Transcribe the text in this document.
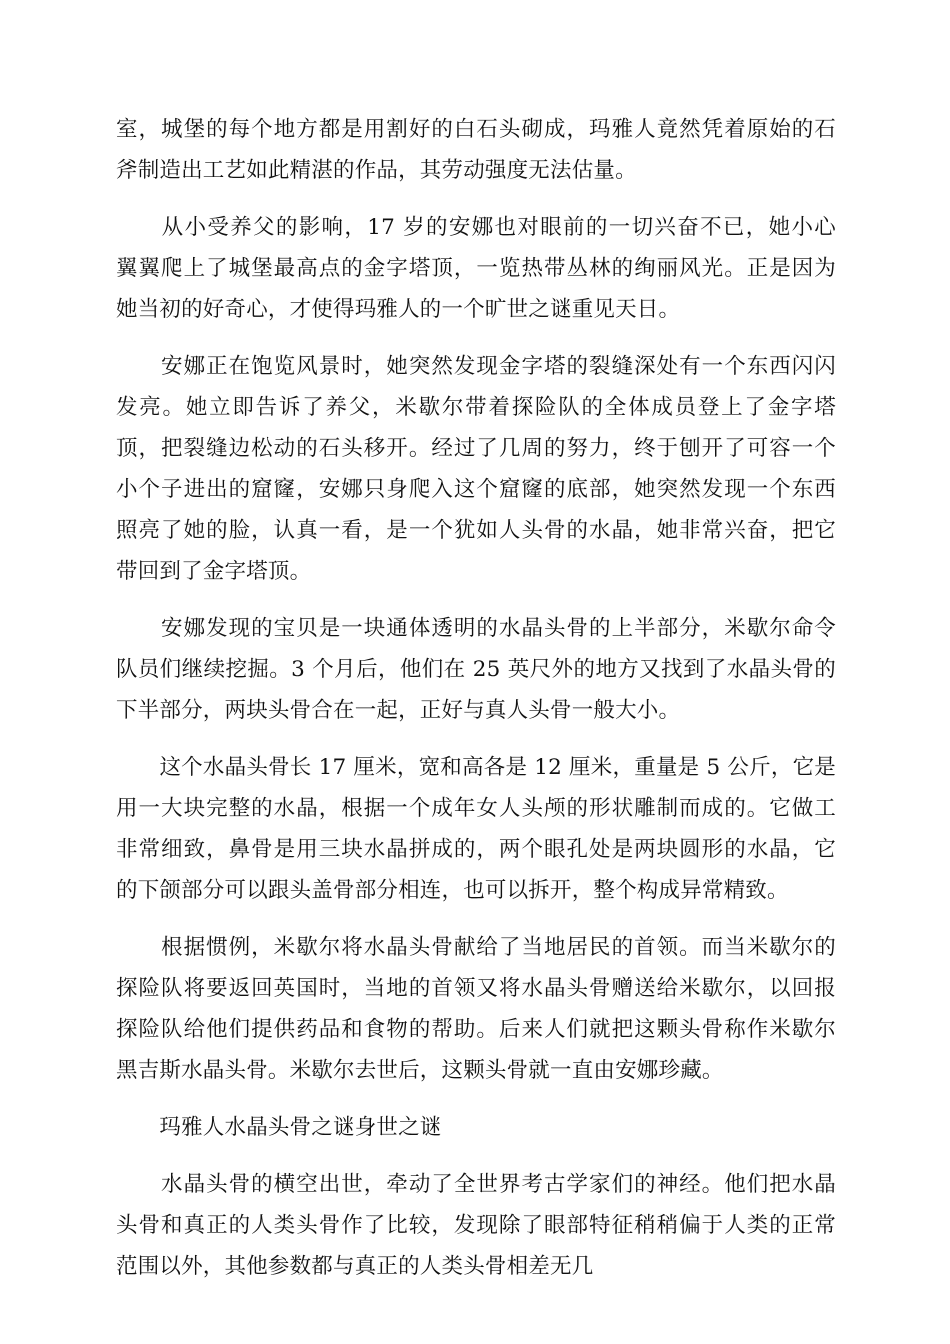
室，城堡的每个地方都是用割好的白石头砌成，玛雅人竟然凭着原始的石
斧制造出工艺如此精湛的作品，其劳动强度无法估量。

　　从小受养父的影响，17 岁的安娜也对眼前的一切兴奋不已，她小心
翼翼爬上了城堡最高点的金字塔顶，一览热带丛林的绚丽风光。正是因为
她当初的好奇心，才使得玛雅人的一个旷世之谜重见天日。

　　安娜正在饱览风景时，她突然发现金字塔的裂缝深处有一个东西闪闪
发亮。她立即告诉了养父，米歇尔带着探险队的全体成员登上了金字塔
顶，把裂缝边松动的石头移开。经过了几周的努力，终于刨开了可容一个
小个子进出的窟窿，安娜只身爬入这个窟窿的底部，她突然发现一个东西
照亮了她的脸，认真一看，是一个犹如人头骨的水晶，她非常兴奋，把它
带回到了金字塔顶。

　　安娜发现的宝贝是一块通体透明的水晶头骨的上半部分，米歇尔命令
队员们继续挖掘。3 个月后，他们在 25 英尺外的地方又找到了水晶头骨的
下半部分，两块头骨合在一起，正好与真人头骨一般大小。

　　这个水晶头骨长 17 厘米，宽和高各是 12 厘米，重量是 5 公斤，它是
用一大块完整的水晶，根据一个成年女人头颅的形状雕制而成的。它做工
非常细致，鼻骨是用三块水晶拼成的，两个眼孔处是两块圆形的水晶，它
的下颌部分可以跟头盖骨部分相连，也可以拆开，整个构成异常精致。

　　根据惯例，米歇尔将水晶头骨献给了当地居民的首领。而当米歇尔的
探险队将要返回英国时，当地的首领又将水晶头骨赠送给米歇尔，以回报
探险队给他们提供药品和食物的帮助。后来人们就把这颗头骨称作米歇尔
黑吉斯水晶头骨。米歇尔去世后，这颗头骨就一直由安娜珍藏。

　　玛雅人水晶头骨之谜身世之谜

　　水晶头骨的横空出世，牵动了全世界考古学家们的神经。他们把水晶
头骨和真正的人类头骨作了比较，发现除了眼部特征稍稍偏于人类的正常
范围以外，其他参数都与真正的人类头骨相差无几
